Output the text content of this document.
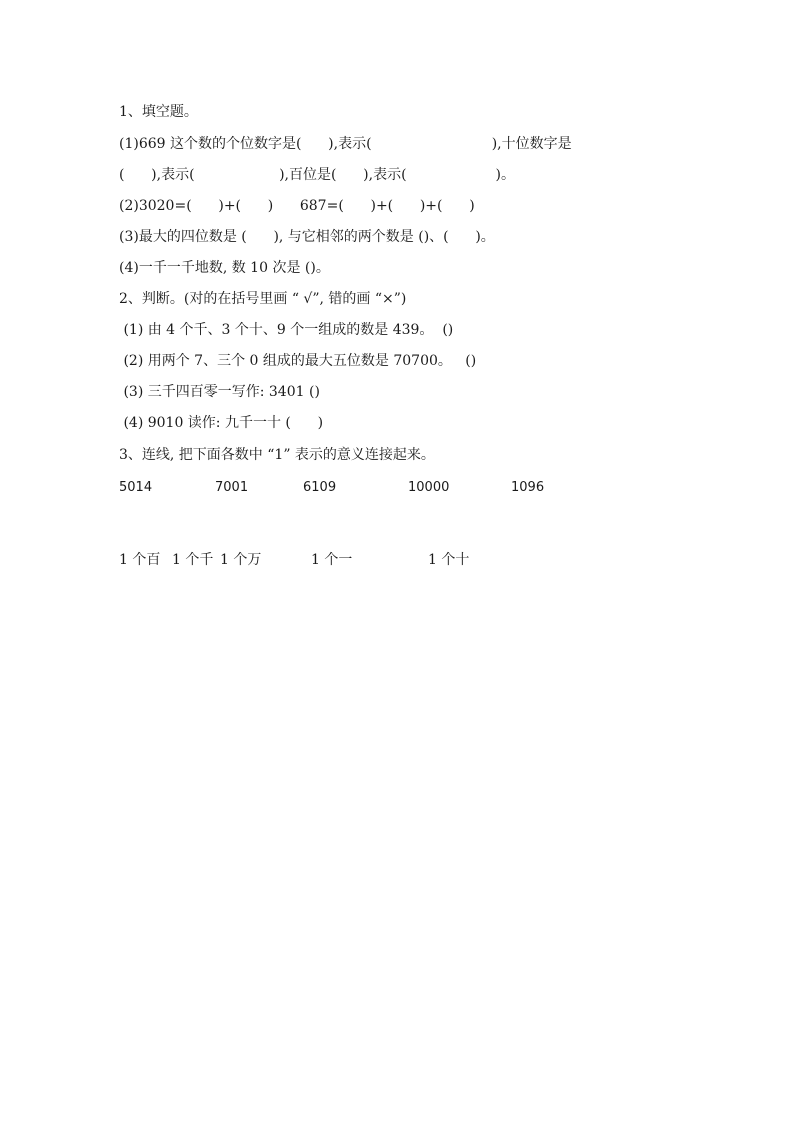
1、填空题。
(1)669 这个数的个位数字是(      ),表示(                           ),十位数字是
(      ),表示(                   ),百位是(      ),表示(                    )。
(2)3020=(      )+(      )      687=(      )+(      )+(      )
(3)最大的四位数是 (      ), 与它相邻的两个数是 ()、(      )。
(4)一千一千地数, 数 10 次是 ()。
2、判断。(对的在括号里画 “ √”, 错的画 “×”)
(1) 由 4 个千、3 个十、9 个一组成的数是 439。  ()
(2) 用两个 7、三个 0 组成的最大五位数是 70700。   ()
(3) 三千四百零一写作: 3401 ()
(4) 9010 读作: 九千一十 (      )
3、连线, 把下面各数中 “1” 表示的意义连接起来。
5014	7001	6109	10000	1096
1 个百 1 个千 1 个万	1 个一	1 个十
